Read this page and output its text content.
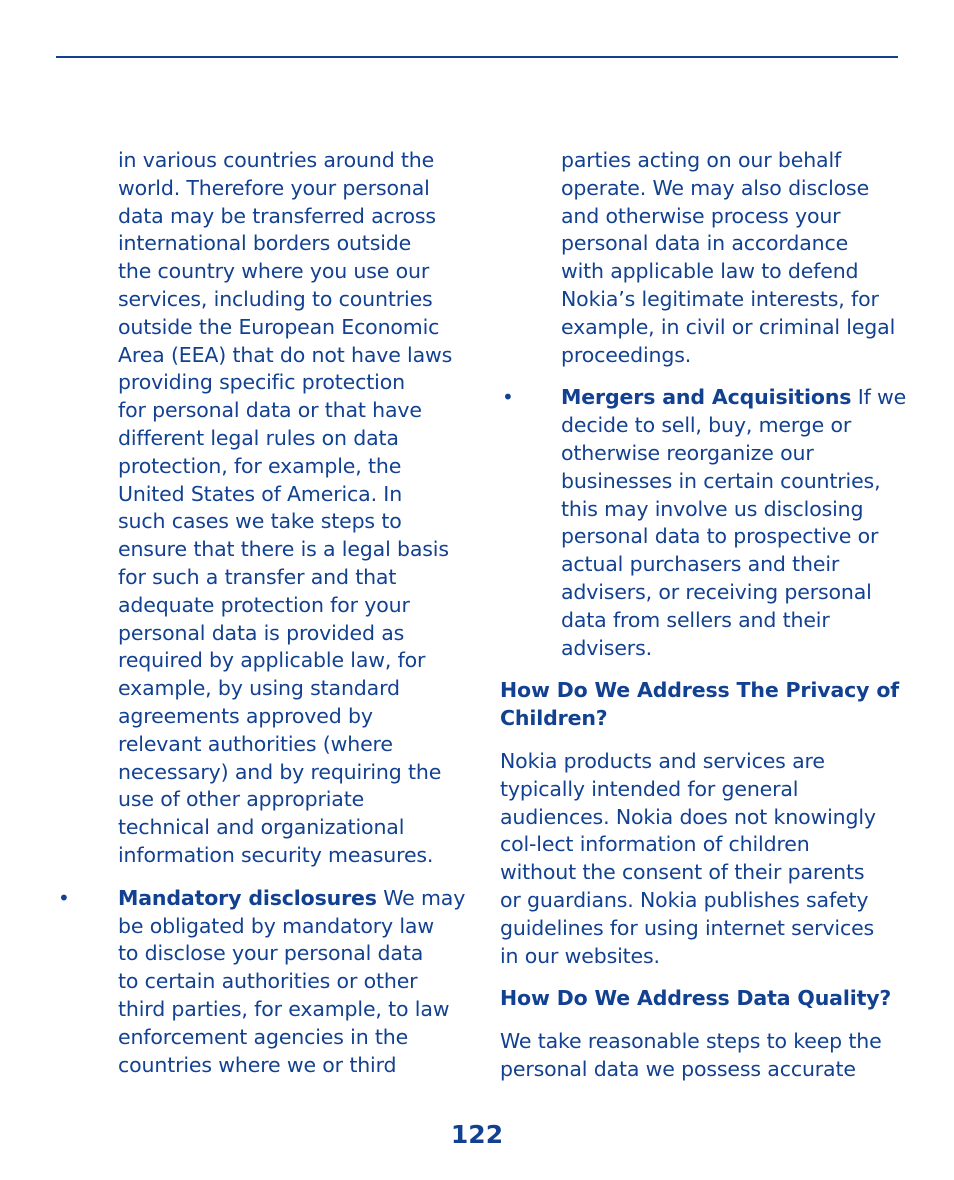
in various countries around the
world. Therefore your personal
data may be transferred across
international borders outside
the country where you use our
services, including to countries
outside the European Economic
Area (EEA) that do not have laws
providing specific protection
for personal data or that have
different legal rules on data
protection, for example, the
United States of America. In
such cases we take steps to
ensure that there is a legal basis
for such a transfer and that
adequate protection for your
personal data is provided as
required by applicable law, for
example, by using standard
agreements approved by
relevant authorities (where
necessary) and by requiring the
use of other appropriate
technical and organizational
information security measures.
• Mandatory disclosures We may
be obligated by mandatory law
to disclose your personal data
to certain authorities or other
third parties, for example, to law
enforcement agencies in the
countries where we or third
parties acting on our behalf
operate. We may also disclose
and otherwise process your
personal data in accordance
with applicable law to defend
Nokia’s legitimate interests, for
example, in civil or criminal legal
proceedings.
• Mergers and Acquisitions If we
decide to sell, buy, merge or
otherwise reorganize our
businesses in certain countries,
this may involve us disclosing
personal data to prospective or
actual purchasers and their
advisers, or receiving personal
data from sellers and their
advisers.
How Do We Address The Privacy of
Children?
Nokia products and services are
typically intended for general
audiences. Nokia does not knowingly
col-lect information of children
without the consent of their parents
or guardians. Nokia publishes safety
guidelines for using internet services
in our websites.
How Do We Address Data Quality?
We take reasonable steps to keep the
personal data we possess accurate
122
